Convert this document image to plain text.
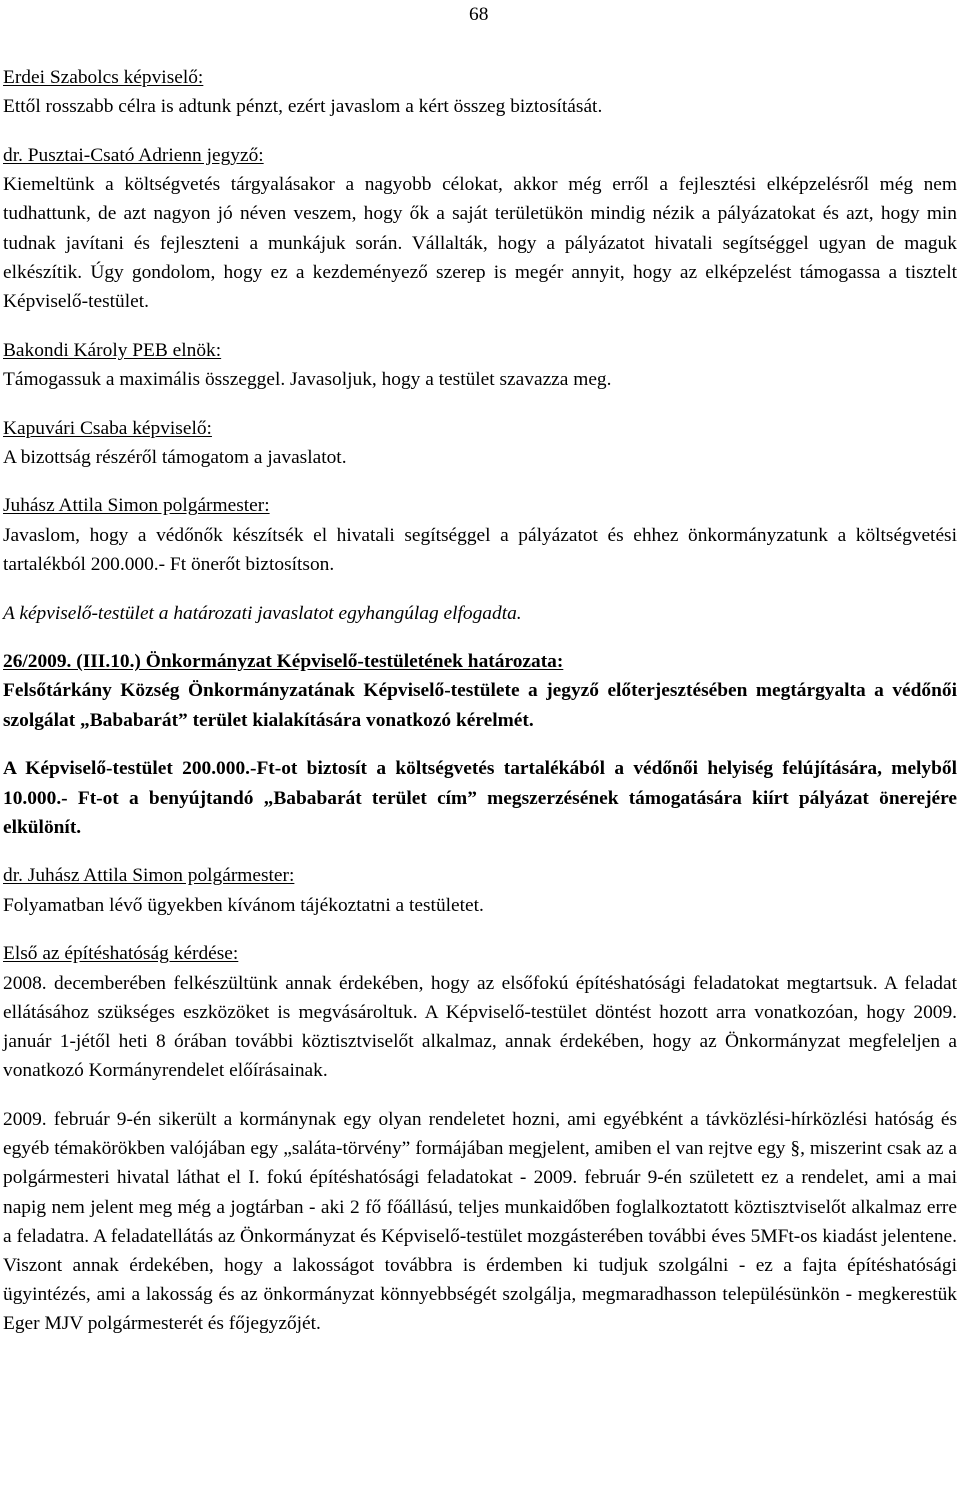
68
Erdei Szabolcs képviselő:
Ettől rosszabb célra is adtunk pénzt, ezért javaslom a kért összeg biztosítását.
dr. Pusztai-Csató Adrienn jegyző:
Kiemeltünk a költségvetés tárgyalásakor a nagyobb célokat, akkor még erről a fejlesztési elképzelésről még nem tudhattunk, de azt nagyon jó néven veszem, hogy ők a saját területükön mindig nézik a pályázatokat és azt, hogy min tudnak javítani és fejleszteni a munkájuk során. Vállalták, hogy a pályázatot hivatali segítséggel ugyan de maguk elkészítik. Úgy gondolom, hogy ez a kezdeményező szerep is megér annyit, hogy az elképzelést támogassa a tisztelt Képviselő-testület.
Bakondi Károly PEB elnök:
Támogassuk a maximális összeggel. Javasoljuk, hogy a testület szavazza meg.
Kapuvári Csaba képviselő:
A bizottság részéről támogatom a javaslatot.
Juhász Attila Simon polgármester:
Javaslom, hogy a védőnők készítsék el hivatali segítséggel a pályázatot és ehhez önkormányzatunk a költségvetési tartalékból 200.000.- Ft önerőt biztosítson.
A képviselő-testület a határozati javaslatot egyhangúlag elfogadta.
26/2009. (III.10.) Önkormányzat Képviselő-testületének határozata:
Felsőtárkány Község Önkormányzatának Képviselő-testülete a jegyző előterjesztésében megtárgyalta a védőnői szolgálat „Bababarát” terület kialakítására vonatkozó kérelmét.
A Képviselő-testület 200.000.-Ft-ot biztosít a költségvetés tartalékából a védőnői helyiség felújítására, melyből 10.000.- Ft-ot a benyújtandó „Bababarát terület cím” megszerzésének támogatására kiírt pályázat önerejére elkülönít.
dr. Juhász Attila Simon polgármester:
Folyamatban lévő ügyekben kívánom tájékoztatni a testületet.
Első az építéshatóság kérdése:
2008. decemberében felkészültünk annak érdekében, hogy az elsőfokú építéshatósági feladatokat megtartsuk. A feladat ellátásához szükséges eszközöket is megvásároltuk. A Képviselő-testület döntést hozott arra vonatkozóan, hogy 2009. január 1-jétől heti 8 órában további köztisztviselőt alkalmaz, annak érdekében, hogy az Önkormányzat megfeleljen a vonatkozó Kormányrendelet előírásainak.
2009. február 9-én sikerült a kormánynak egy olyan rendeletet hozni, ami egyébként a távközlési-hírközlési hatóság és egyéb témakörökben valójában egy „saláta-törvény” formájában megjelent, amiben el van rejtve egy §, miszerint csak az a polgármesteri hivatal láthat el I. fokú építéshatósági feladatokat - 2009. február 9-én született ez a rendelet, ami a mai napig nem jelent meg még a jogtárban - aki 2 fő főállású, teljes munkaidőben foglalkoztatott köztisztviselőt alkalmaz erre a feladatra. A feladatellátás az Önkormányzat és Képviselő-testület mozgásterében további éves 5MFt-os kiadást jelentene. Viszont annak érdekében, hogy a lakosságot továbbra is érdemben ki tudjuk szolgálni - ez a fajta építéshatósági ügyintézés, ami a lakosság és az önkormányzat könnyebbségét szolgálja, megmaradhasson településünkön - megkerestük Eger MJV polgármesterét és főjegyzőjét.
